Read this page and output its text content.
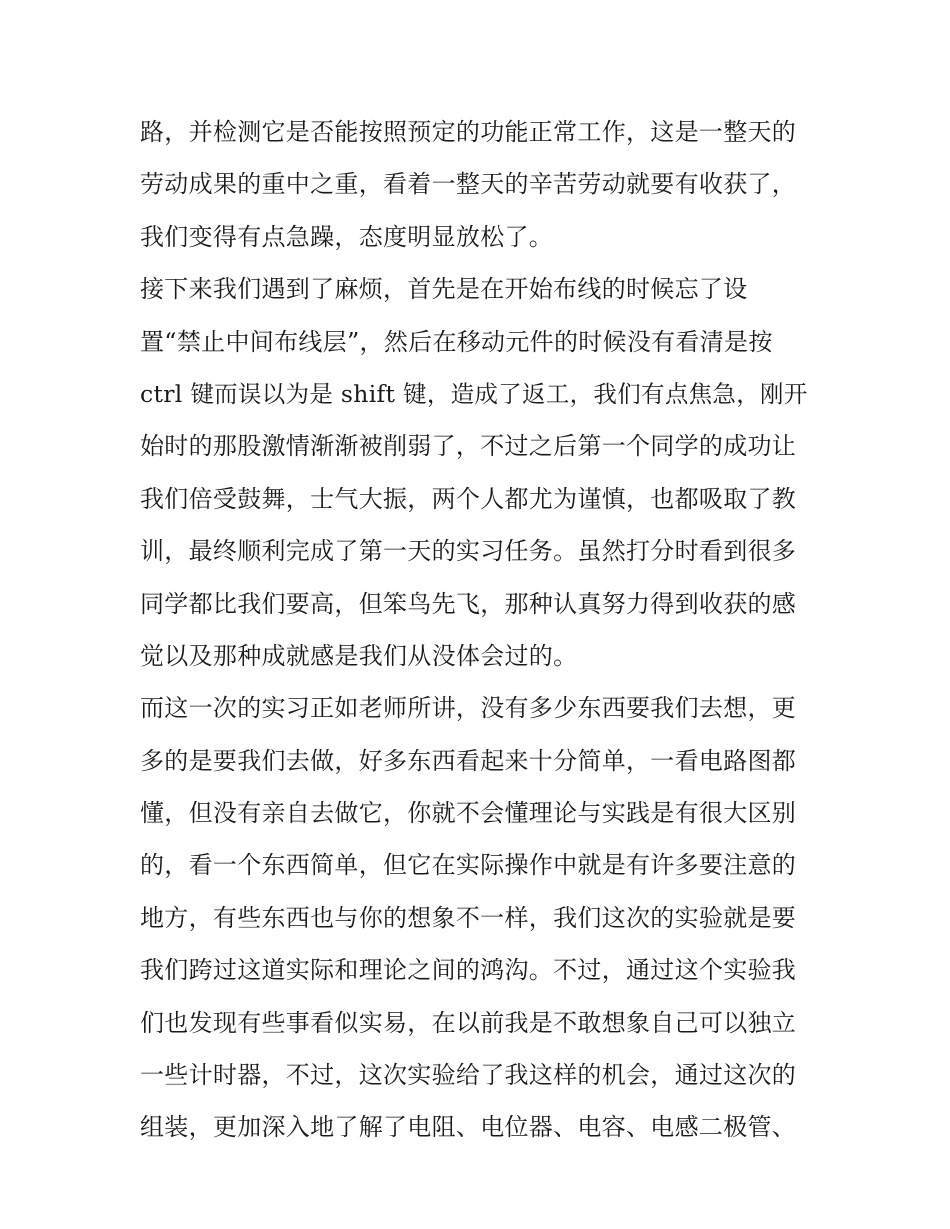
路，并检测它是否能按照预定的功能正常工作，这是一整天的
劳动成果的重中之重，看着一整天的辛苦劳动就要有收获了，
我们变得有点急躁，态度明显放松了。
接下来我们遇到了麻烦，首先是在开始布线的时候忘了设
置“禁止中间布线层”，然后在移动元件的时候没有看清是按
ctrl 键而误以为是 shift 键，造成了返工，我们有点焦急，刚开
始时的那股激情渐渐被削弱了，不过之后第一个同学的成功让
我们倍受鼓舞，士气大振，两个人都尤为谨慎，也都吸取了教
训，最终顺利完成了第一天的实习任务。虽然打分时看到很多
同学都比我们要高，但笨鸟先飞，那种认真努力得到收获的感
觉以及那种成就感是我们从没体会过的。
而这一次的实习正如老师所讲，没有多少东西要我们去想，更
多的是要我们去做，好多东西看起来十分简单，一看电路图都
懂，但没有亲自去做它，你就不会懂理论与实践是有很大区别
的，看一个东西简单，但它在实际操作中就是有许多要注意的
地方，有些东西也与你的想象不一样，我们这次的实验就是要
我们跨过这道实际和理论之间的鸿沟。不过，通过这个实验我
们也发现有些事看似实易，在以前我是不敢想象自己可以独立
一些计时器，不过，这次实验给了我这样的机会，通过这次的
组装，更加深入地了解了电阻、电位器、电容、电感二极管、
